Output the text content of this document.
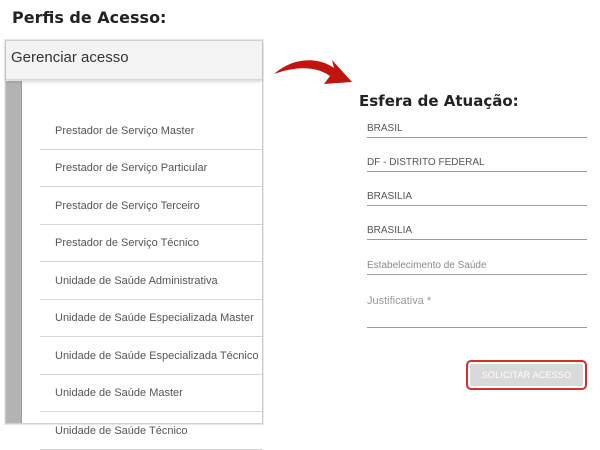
Perfis de Acesso:
Gerenciar acesso
Prestador de Serviço Master
Prestador de Serviço Particular
Prestador de Serviço Terceiro
Prestador de Serviço Técnico
Unidade de Saúde Administrativa
Unidade de Saúde Especializada Master
Unidade de Saúde Especializada Técnico
Unidade de Saúde Master
Unidade de Saúde Técnico
Esfera de Atuação:
BRASIL
DF - DISTRITO FEDERAL
BRASILIA
BRASILIA
Estabelecimento de Saúde
Justificativa *
SOLICITAR ACESSO
